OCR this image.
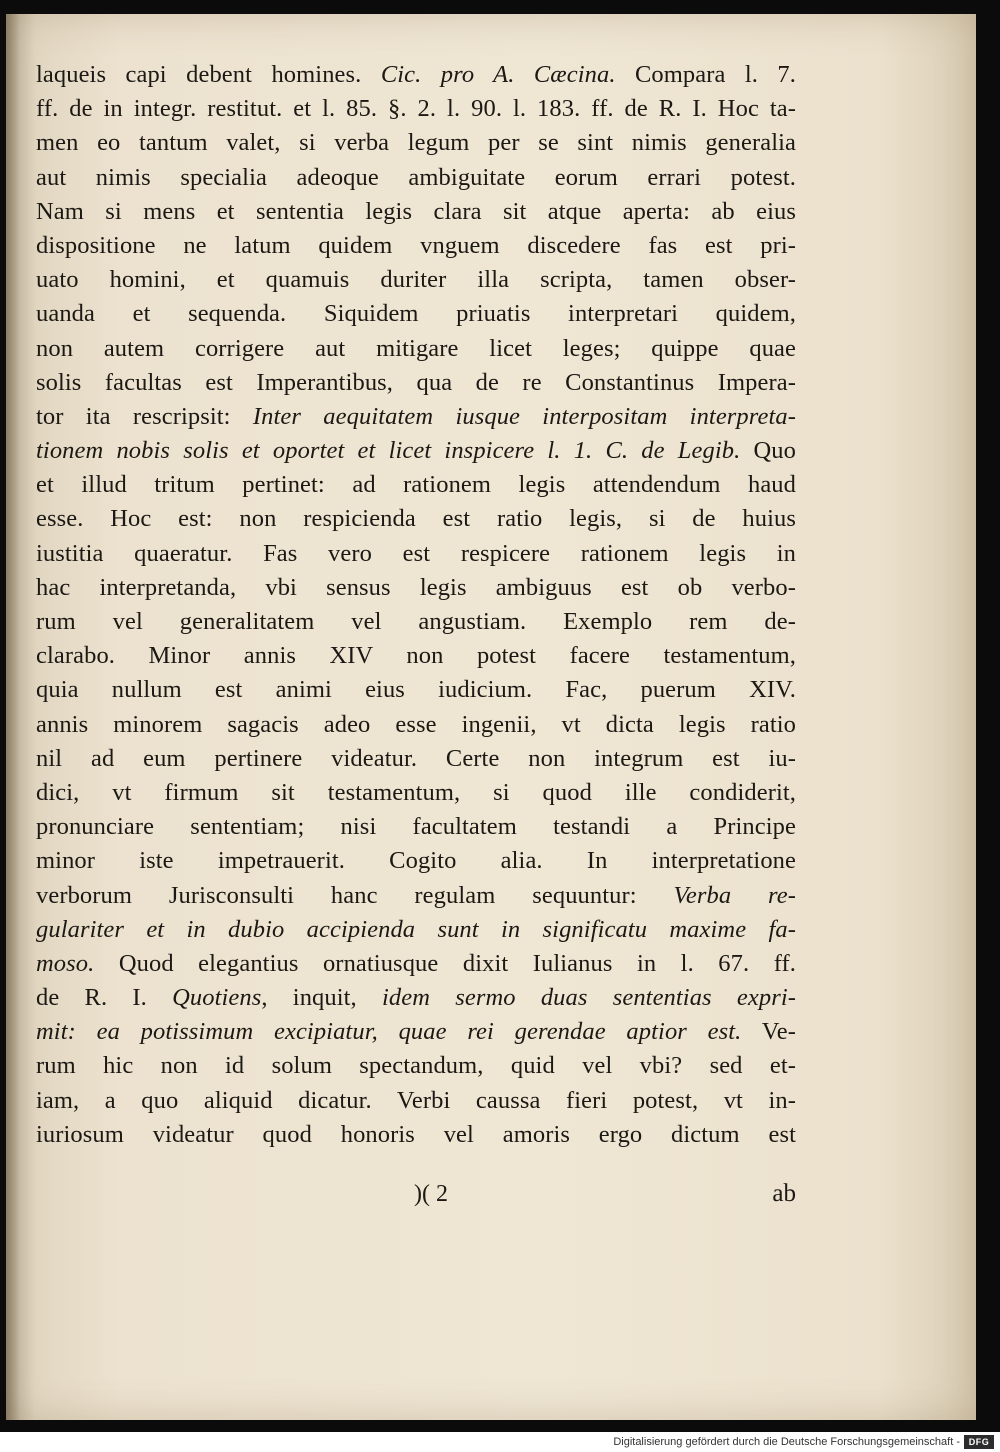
laqueis capi debent homines. Cic. pro A. Cæcina. Compara l. 7.
ff. de in integr. restitut. et l. 85. §. 2. l. 90. l. 183. ff. de R. I. Hoc ta-
men eo tantum valet, si verba legum per se sint nimis generalia
aut nimis specialia adeoque ambiguitate eorum errari potest.
Nam si mens et sententia legis clara sit atque aperta: ab eius
dispositione ne latum quidem vnguem discedere fas est pri-
uato homini, et quamuis duriter illa scripta, tamen obser-
uanda et sequenda. Siquidem priuatis interpretari quidem,
non autem corrigere aut mitigare licet leges; quippe quae
solis facultas est Imperantibus, qua de re Constantinus Impera-
tor ita rescripsit: Inter aequitatem iusque interpositam interpreta-
tionem nobis solis et oportet et licet inspicere l. 1. C. de Legib. Quo
et illud tritum pertinet: ad rationem legis attendendum haud
esse. Hoc est: non respicienda est ratio legis, si de huius
iustitia quaeratur. Fas vero est respicere rationem legis in
hac interpretanda, vbi sensus legis ambiguus est ob verbo-
rum vel generalitatem vel angustiam. Exemplo rem de-
clarabo. Minor annis XIV non potest facere testamentum,
quia nullum est animi eius iudicium. Fac, puerum XIV.
annis minorem sagacis adeo esse ingenii, vt dicta legis ratio
nil ad eum pertinere videatur. Certe non integrum est iu-
dici, vt firmum sit testamentum, si quod ille condiderit,
pronunciare sententiam; nisi facultatem testandi a Principe
minor iste impetrauerit. Cogito alia. In interpretatione
verborum Jurisconsulti hanc regulam sequuntur: Verba re-
gulariter et in dubio accipienda sunt in significatu maxime fa-
moso. Quod elegantius ornatiusque dixit Iulianus in l. 67. ff.
de R. I. Quotiens, inquit, idem sermo duas sententias expri-
mit: ea potissimum excipiatur, quae rei gerendae aptior est. Ve-
rum hic non id solum spectandum, quid vel vbi? sed et-
iam, a quo aliquid dicatur. Verbi caussa fieri potest, vt in-
iuriosum videatur quod honoris vel amoris ergo dictum est
)( 2	ab
Digitalisierung gefördert durch die Deutsche Forschungsgemeinschaft - DFG
